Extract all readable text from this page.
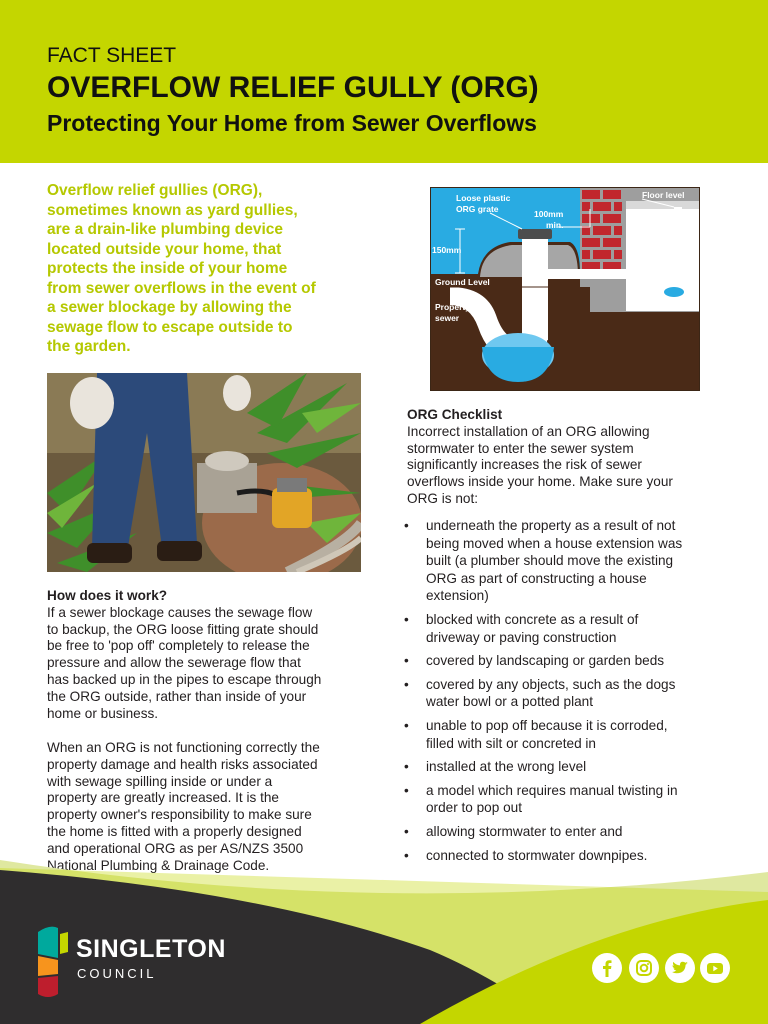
FACT SHEET
OVERFLOW RELIEF GULLY (ORG)
Protecting Your Home from Sewer Overflows
Overflow relief gullies (ORG),
sometimes known as yard gullies,
are a drain-like plumbing device
located outside your home, that
protects the inside of your home
from sewer overflows in the event of
a sewer blockage by allowing the
sewage flow to escape outside to
the garden.
How does it work?
If a sewer blockage causes the sewage flow
to backup, the ORG loose fitting grate should
be free to 'pop off' completely to release the
pressure and allow the sewerage flow that
has backed up in the pipes to escape through
the ORG outside, rather than inside of your
home or business.
When an ORG is not functioning correctly the
property damage and health risks associated
with sewage spilling inside or under a
property are greatly increased. It is the
property owner's responsibility to make sure
the home is fitted with a properly designed
and operational ORG as per AS/NZS 3500
National Plumbing & Drainage Code.
Loose plastic
ORG grate	100mm
min.
Floor level
150mm
Ground Level
Property
sewer
ORG Checklist
Incorrect installation of an ORG allowing
stormwater to enter the sewer system
significantly increases the risk of sewer
overflows inside your home. Make sure your
ORG is not:
• underneath the property as a result of not
being moved when a house extension was
built (a plumber should move the existing
ORG as part of constructing a house
extension)
• blocked with concrete as a result of
driveway or paving construction
• covered by landscaping or garden beds
• covered by any objects, such as the dogs
water bowl or a potted plant
• unable to pop off because it is corroded,
filled with silt or concreted in
• installed at the wrong level
• a model which requires manual twisting in
order to pop out
• allowing stormwater to enter and
• connected to stormwater downpipes.
SINGLETON
COUNCIL
